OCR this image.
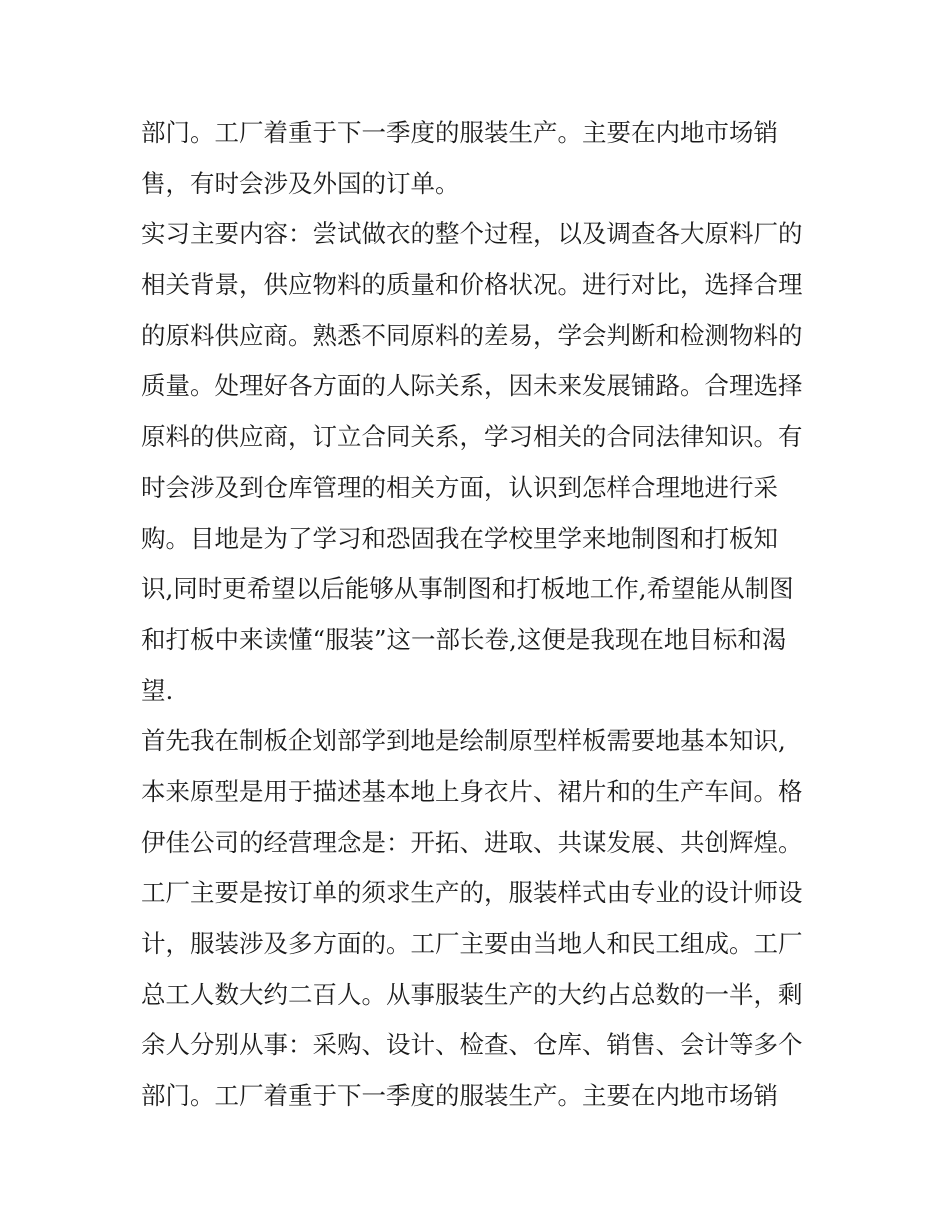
部门。工厂着重于下一季度的服装生产。主要在内地市场销
售，有时会涉及外国的订单。
实习主要内容：尝试做衣的整个过程，以及调查各大原料厂的
相关背景，供应物料的质量和价格状况。进行对比，选择合理
的原料供应商。熟悉不同原料的差易，学会判断和检测物料的
质量。处理好各方面的人际关系，因未来发展铺路。合理选择
原料的供应商，订立合同关系，学习相关的合同法律知识。有
时会涉及到仓库管理的相关方面，认识到怎样合理地进行采
购。目地是为了学习和恐固我在学校里学来地制图和打板知
识,同时更希望以后能够从事制图和打板地工作,希望能从制图
和打板中来读懂“服装”这一部长卷,这便是我现在地目标和渴
望.
首先我在制板企划部学到地是绘制原型样板需要地基本知识,
本来原型是用于描述基本地上身衣片、裙片和的生产车间。格
伊佳公司的经营理念是：开拓、进取、共谋发展、共创辉煌。
工厂主要是按订单的须求生产的，服装样式由专业的设计师设
计，服装涉及多方面的。工厂主要由当地人和民工组成。工厂
总工人数大约二百人。从事服装生产的大约占总数的一半，剩
余人分别从事：采购、设计、检查、仓库、销售、会计等多个
部门。工厂着重于下一季度的服装生产。主要在内地市场销
